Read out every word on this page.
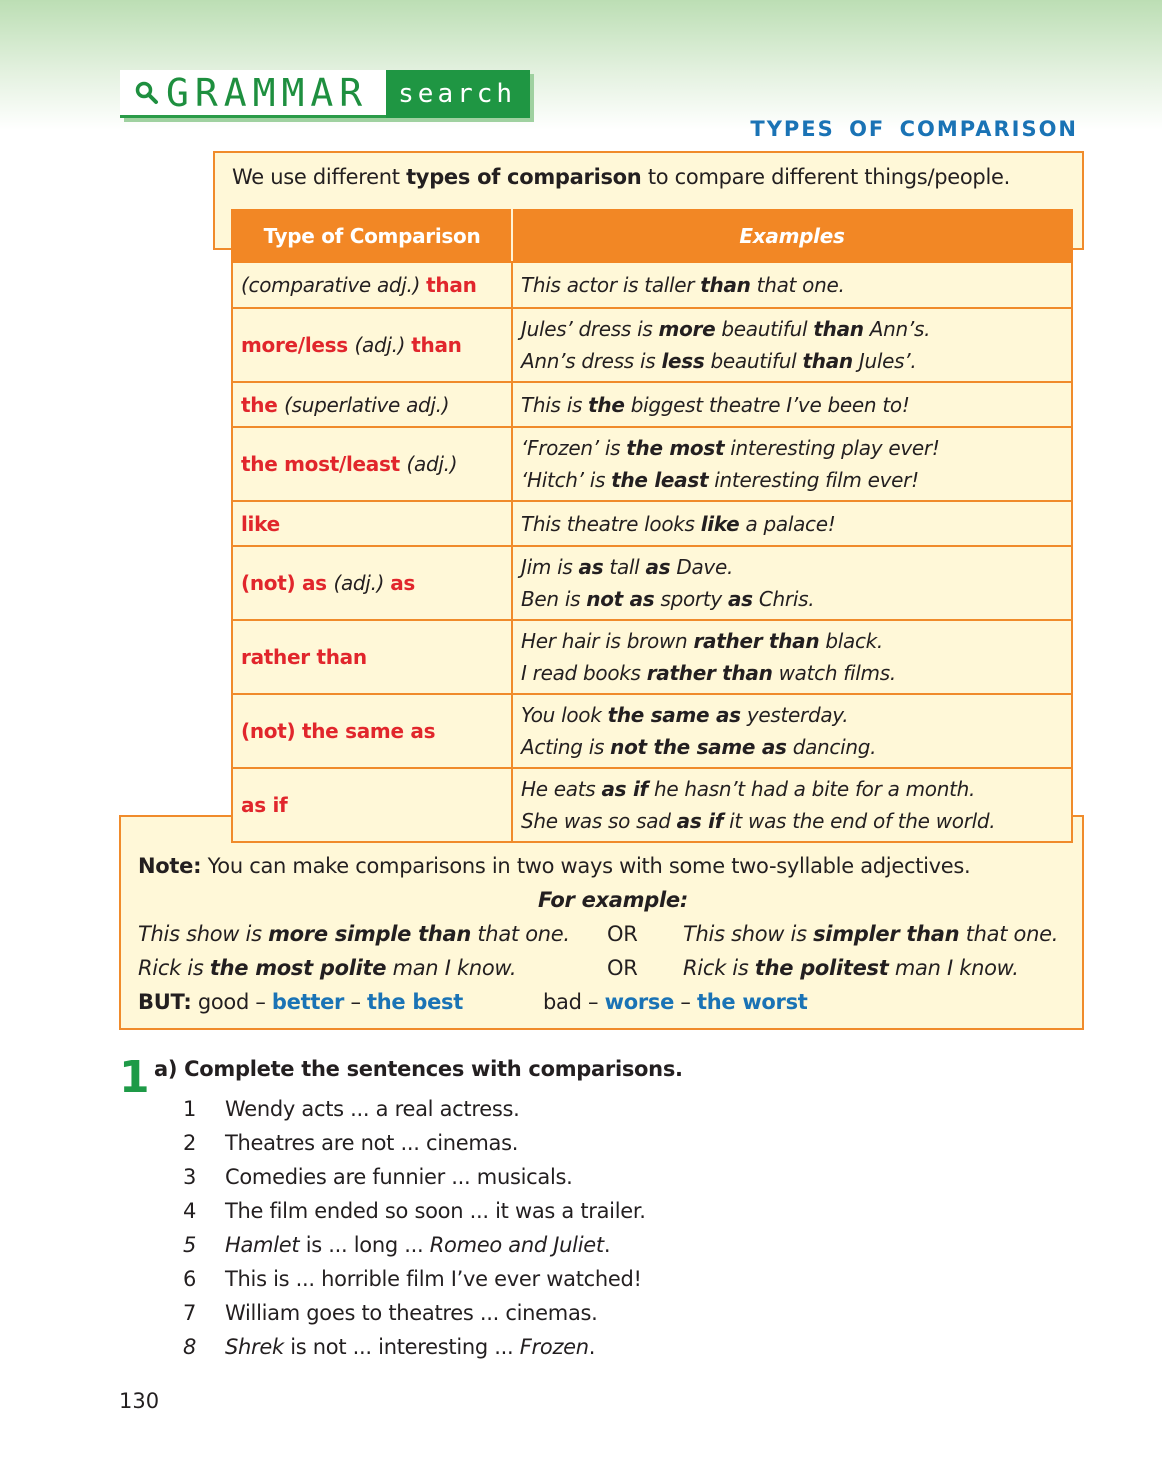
GRAMMAR search
TYPES OF COMPARISON
We use different types of comparison to compare different things/people.
Note: You can make comparisons in two ways with some two-syllable adjectives.
For example:
This show is more simple than that one. OR This show is simpler than that one.
Rick is the most polite man I know.	OR Rick is the politest man I know.
BUT: good – better – the best	bad – worse – the worst
Type of Comparison	Examples
(comparative adj.) than	This actor is taller than that one.

more/less (adj.) than	Jules’ dress is more beautiful than Ann’s.
Ann’s dress is less beautiful than Jules’.

the (superlative adj.)	This is the biggest theatre I’ve been to!

the most/least (adj.)	‘Frozen’ is the most interesting play ever!
‘Hitch’ is the least interesting film ever!

like	This theatre looks like a palace!

(not) as (adj.) as	Jim is as tall as Dave.
Ben is not as sporty as Chris.

rather than	Her hair is brown rather than black.
I read books rather than watch films.

(not) the same as	You look the same as yesterday.
Acting is not the same as dancing.

as if	He eats as if he hasn’t had a bite for a month.
She was so sad as if it was the end of the world.
1 a) Complete the sentences with comparisons.
1	Wendy acts ... a real actress.
2	Theatres are not ... cinemas.
3	Comedies are funnier ... musicals.
4	The film ended so soon ... it was a trailer.
5	Hamlet is ... long ... Romeo and Juliet.
6	This is ... horrible film I’ve ever watched!
7	William goes to theatres ... cinemas.
8	Shrek is not ... interesting ... Frozen.
130
